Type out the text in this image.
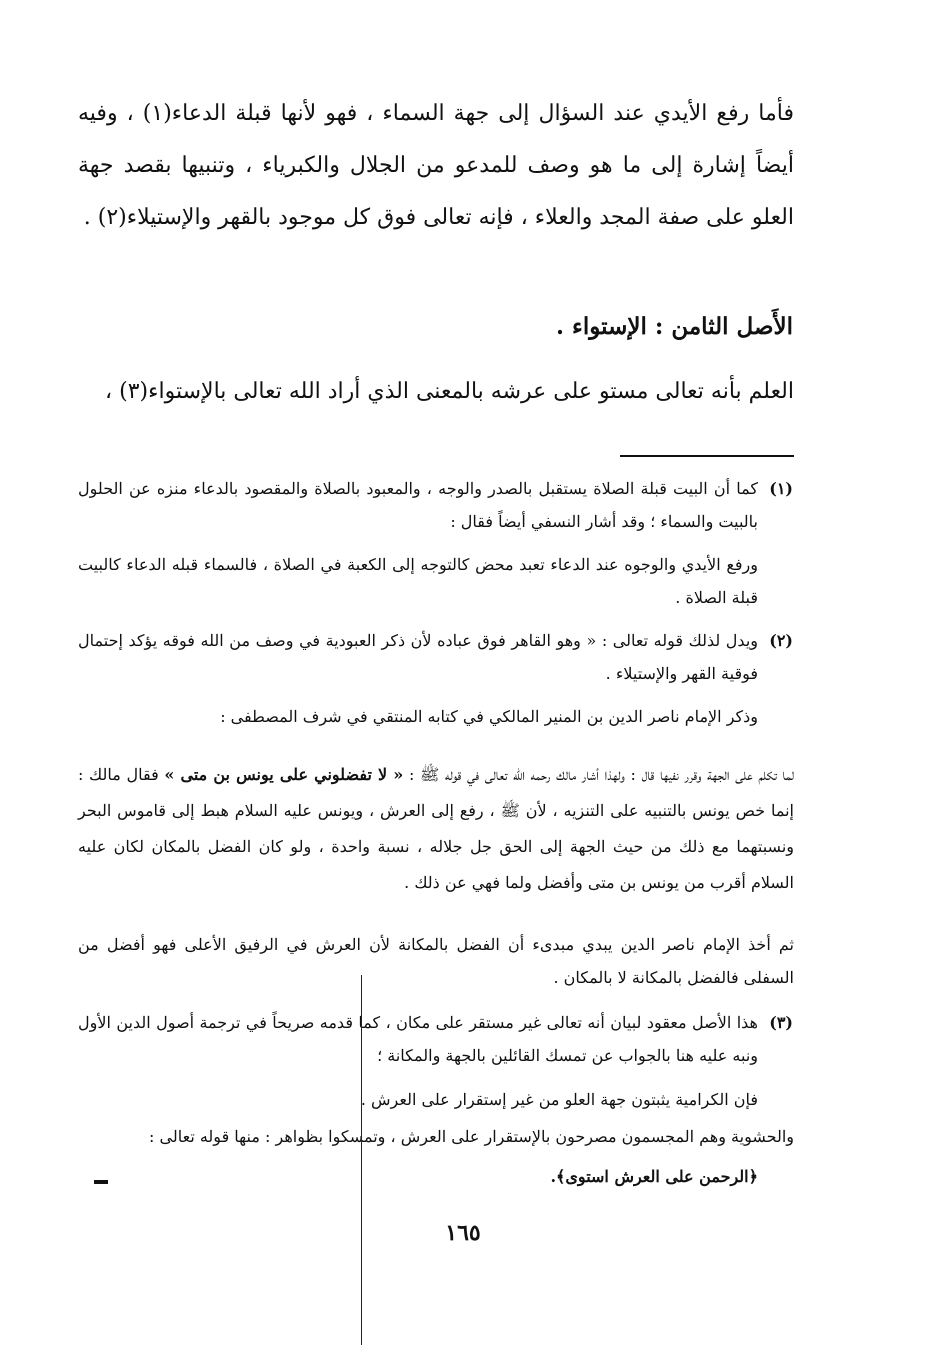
فأما رفع الأيدي عند السؤال إلى جهة السماء ، فهو لأنها قبلة الدعاء(١) ، وفيه أيضاً إشارة إلى ما هو وصف للمدعو من الجلال والكبرياء ، وتنبيها بقصد جهة العلو على صفة المجد والعلاء ، فإنه تعالى فوق كل موجود بالقهر والإستيلاء(٢) .

الأَصل الثامن : الإستواء .

العلم بأنه تعالى مستو على عرشه بالمعنى الذي أراد الله تعالى بالإستواء(٣) ،

(١)

كما أن البيت قبلة الصلاة يستقبل بالصدر والوجه ، والمعبود بالصلاة والمقصود بالدعاء منزه عن الحلول بالبيت والسماء ؛ وقد أشار النسفي أيضاً فقال :

ورفع الأيدي والوجوه عند الدعاء تعبد محض كالتوجه إلى الكعبة في الصلاة ، فالسماء قبله الدعاء كالبيت قبلة الصلاة .

(٢)

ويدل لذلك قوله تعالى : « وهو القاهر فوق عباده لأن ذكر العبودية في وصف من الله فوقه يؤكد إحتمال فوقية القهر والإستيلاء .

وذكر الإمام ناصر الدين بن المنير المالكي في كتابه المنتقي في شرف المصطفى :

لما تكلم على الجهة وقرر نفيها قال : ولهذا أشار مالك رحمه الله تعالى في قوله ﷺ : « لا تفضلوني على يونس بن متى » فقال مالك : إنما خص يونس بالتنبيه على التنزيه ، لأن ﷺ ، رفع إلى العرش ، ويونس عليه السلام هبط إلى قاموس البحر ونسبتهما مع ذلك من حيث الجهة إلى الحق جل جلاله ، نسبة واحدة ، ولو كان الفضل بالمكان لكان عليه السلام أقرب من يونس بن متى وأفضل ولما فهي عن ذلك .

ثم أخذ الإمام ناصر الدين يبدي مبدىء أن الفضل بالمكانة لأن العرش في الرفيق الأعلى فهو أفضل من السفلى فالفضل بالمكانة لا بالمكان .

(٣)

هذا الأصل معقود لبيان أنه تعالى غير مستقر على مكان ، كما قدمه صريحاً في ترجمة أصول الدين الأول ونبه عليه هنا بالجواب عن تمسك القائلين بالجهة والمكانة ؛

فإن الكرامية يثبتون جهة العلو من غير إستقرار على العرش .

والحشوية وهم المجسمون مصرحون بالإستقرار على العرش ، وتمسكوا بظواهر : منها قوله تعالى :

﴿الرحمن على العرش استوى﴾.

١٦٥
